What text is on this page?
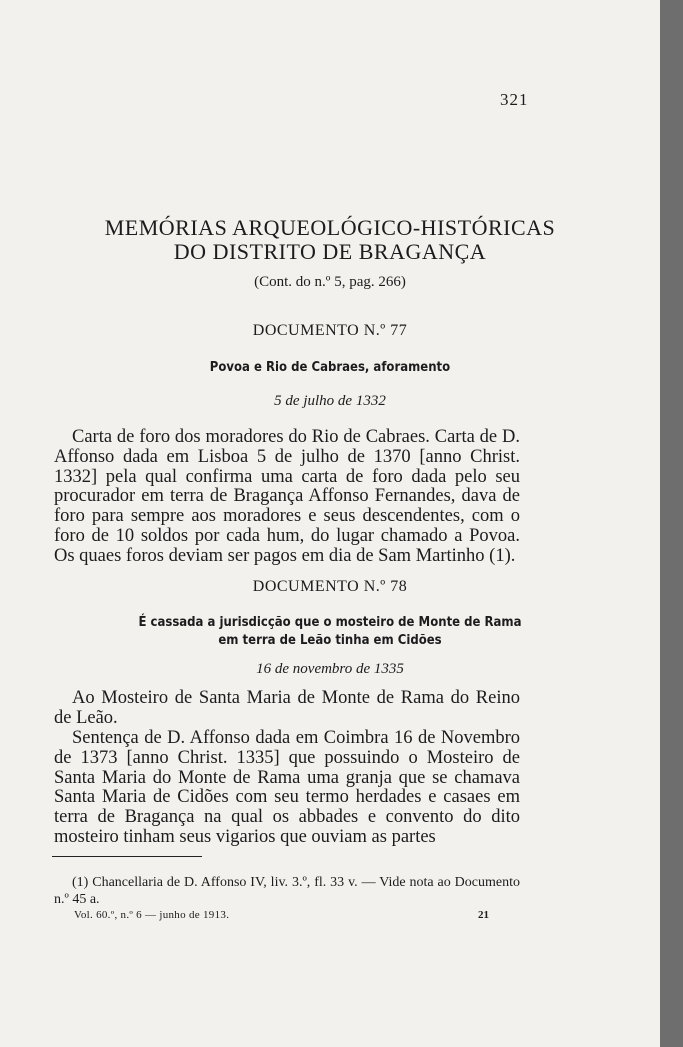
321
MEMÓRIAS ARQUEOLÓGICO-HISTÓRICAS
DO DISTRITO DE BRAGANÇA
(Cont. do n.º 5, pag. 266)
DOCUMENTO N.º 77
Povoa e Rio de Cabraes, aforamento
5 de julho de 1332

Carta de foro dos moradores do Rio de Cabraes. Carta de D. Affonso dada em Lisboa 5 de julho de 1370 [anno Christ. 1332] pela qual confirma uma carta de foro dada pelo seu procurador em terra de Bragança Affonso Fernandes, dava de foro para sempre aos moradores e seus descendentes, com o foro de 10 soldos por cada hum, do lugar chamado a Povoa. Os quaes foros deviam ser pagos em dia de Sam Martinho (1).

DOCUMENTO N.º 78
É cassada a jurisdicção que o mosteiro de Monte de Rama
em terra de Leão tinha em Cidões
16 de novembro de 1335

Ao Mosteiro de Santa Maria de Monte de Rama do Reino de Leão.

Sentença de D. Affonso dada em Coimbra 16 de Novembro de 1373 [anno Christ. 1335] que possuindo o Mosteiro de Santa Maria do Monte de Rama uma granja que se chamava Santa Maria de Cidões com seu termo herdades e casaes em terra de Bragança na qual os abbades e convento do dito mosteiro tinham seus vigarios que ouviam as partes

(1) Chancellaria de D. Affonso IV, liv. 3.º, fl. 33 v. — Vide nota ao Documento n.º 45 a.
Vol. 60.º, n.º 6 — junho de 1913.	21
